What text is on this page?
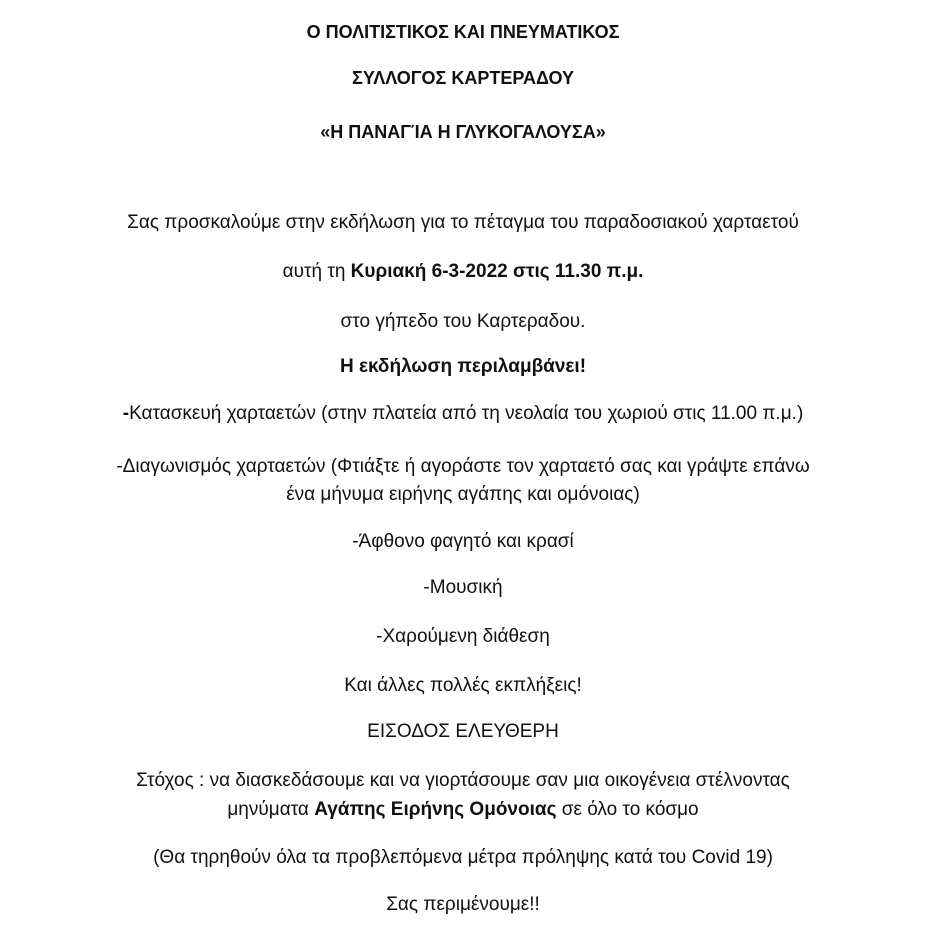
Ο ΠΟΛΙΤΙΣΤΙΚΟΣ ΚΑΙ ΠΝΕΥΜΑΤΙΚΟΣ
ΣΥΛΛΟΓΟΣ ΚΑΡΤΕΡΑΔΟΥ
«Η ΠΑΝΑΓΊΑ Η ΓΛΥΚΟΓΑΛΟΥΣΑ»
Σας προσκαλούμε στην εκδήλωση για το πέταγμα του παραδοσιακού χαρταετού
αυτή τη Κυριακή 6-3-2022 στις 11.30 π.μ.
στο γήπεδο του Καρτεραδου.
Η εκδήλωση περιλαμβάνει!
-Κατασκευή χαρταετών (στην πλατεία από τη νεολαία του χωριού στις 11.00 π.μ.)
-Διαγωνισμός χαρταετών (Φτιάξτε ή αγοράστε τον χαρταετό σας και γράψτε επάνω
ένα μήνυμα ειρήνης αγάπης και ομόνοιας)
-Άφθονο φαγητό και κρασί
-Μουσική
-Χαρούμενη διάθεση
Και άλλες πολλές εκπλήξεις!
ΕΙΣΟΔΟΣ ΕΛΕΥΘΕΡΗ
Στόχος : να διασκεδάσουμε και να γιορτάσουμε σαν μια οικογένεια στέλνοντας
μηνύματα Αγάπης Ειρήνης Ομόνοιας σε όλο το κόσμο
(Θα τηρηθούν όλα τα προβλεπόμενα μέτρα πρόληψης κατά του Covid 19)
Σας περιμένουμε!!
